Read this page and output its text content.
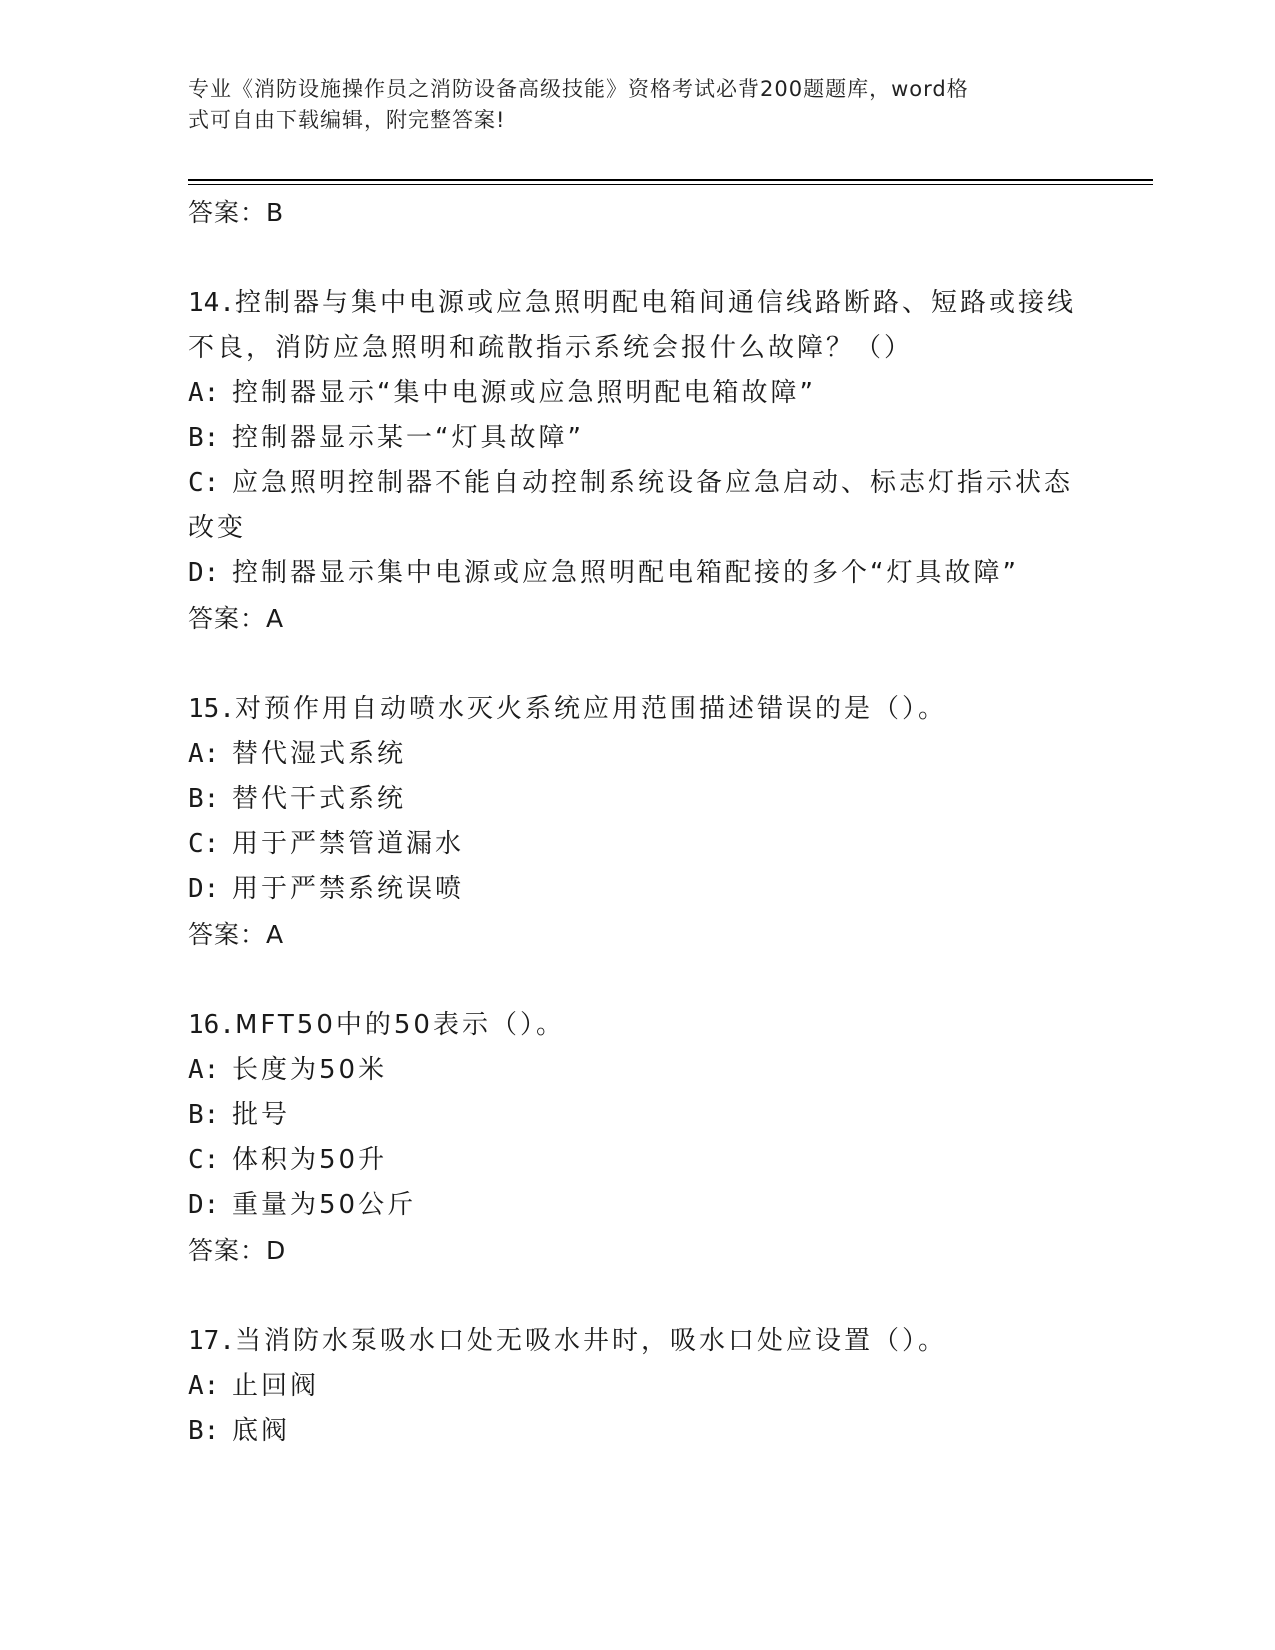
专业《消防设施操作员之消防设备高级技能》资格考试必背200题题库，word格
式可自由下载编辑，附完整答案!
答案：B
14.控制器与集中电源或应急照明配电箱间通信线路断路、短路或接线
不良，消防应急照明和疏散指示系统会报什么故障？（）
A: 控制器显示“集中电源或应急照明配电箱故障”
B: 控制器显示某一“灯具故障”
C: 应急照明控制器不能自动控制系统设备应急启动、标志灯指示状态
改变
D: 控制器显示集中电源或应急照明配电箱配接的多个“灯具故障”
答案：A
15.对预作用自动喷水灭火系统应用范围描述错误的是（）。
A: 替代湿式系统
B: 替代干式系统
C: 用于严禁管道漏水
D: 用于严禁系统误喷
答案：A
16.MFT50中的50表示（）。
A: 长度为50米
B: 批号
C: 体积为50升
D: 重量为50公斤
答案：D
17.当消防水泵吸水口处无吸水井时，吸水口处应设置（）。
A: 止回阀
B: 底阀
